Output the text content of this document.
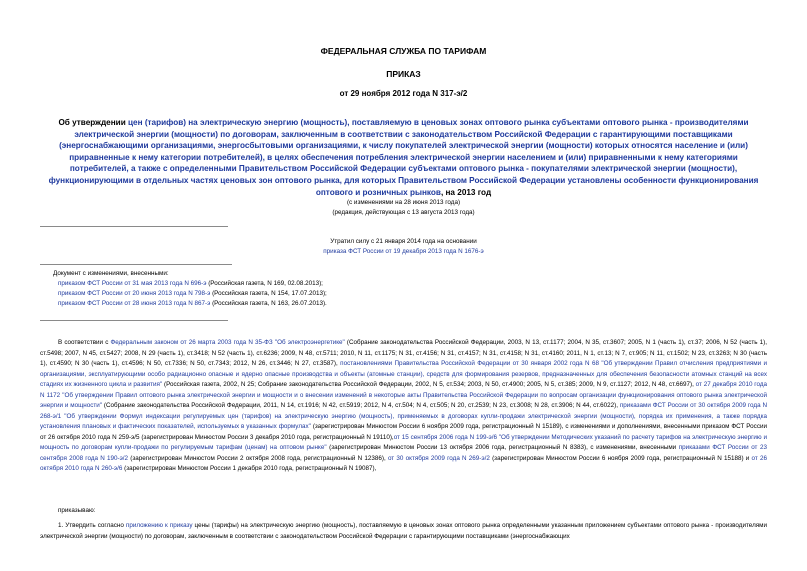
ФЕДЕРАЛЬНАЯ СЛУЖБА ПО ТАРИФАМ
ПРИКАЗ
от 29 ноября 2012 года N 317-э/2
Об утверждении цен (тарифов) на электрическую энергию (мощность), поставляемую в ценовых зонах оптового рынка субъектами оптового рынка - производителями электрической энергии (мощности) по договорам, заключенным в соответствии с законодательством Российской Федерации с гарантирующими поставщиками (энергоснабжающими организациями, энергосбытовыми организациями, к числу покупателей электрической энергии (мощности) которых относятся население и (или) приравненные к нему категории потребителей), в целях обеспечения потребления электрической энергии населением и (или) приравненными к нему категориями потребителей, а также с определенными Правительством Российской Федерации субъектами оптового рынка - покупателями электрической энергии (мощности), функционирующими в отдельных частях ценовых зон оптового рынка, для которых Правительством Российской Федерации установлены особенности функционирования оптового и розничных рынков, на 2013 год
(с изменениями на 28 июня 2013 года)
(редакция, действующая с 13 августа 2013 года)
Утратил силу с 21 января 2014 года на основании
приказа ФСТ России от 19 декабря 2013 года N 1676-э
Документ с изменениями, внесенными:
приказом ФСТ России от 31 мая 2013 года N 696-э (Российская газета, N 169, 02.08.2013);
приказом ФСТ России от 20 июня 2013 года N 798-э (Российская газета, N 154, 17.07.2013);
приказом ФСТ России от 28 июня 2013 года N 867-э (Российская газета, N 163, 26.07.2013).
В соответствии с Федеральным законом от 26 марта 2003 года N 35-ФЗ "Об электроэнергетике" (Собрание законодательства Российской Федерации, 2003, N 13, ст.1177; 2004, N 35, ст.3607; 2005, N 1 (часть 1), ст.37; 2006, N 52 (часть 1), ст.5498; 2007, N 45, ст.5427; 2008, N 29 (часть 1), ст.3418; N 52 (часть 1), ст.6236; 2009, N 48, ст.5711; 2010, N 11, ст.1175; N 31, ст.4156; N 31, ст.4157; N 31, ст.4158; N 31, ст.4160; 2011, N 1, ст.13; N 7, ст.905; N 11, ст.1502; N 23, ст.3263; N 30 (часть 1), ст.4590; N 30 (часть 1), ст.4596; N 50, ст.7336; N 50, ст.7343; 2012, N 26, ст.3446; N 27, ст.3587), постановлениями Правительства Российской Федерации от 30 января 2002 года N 68 "Об утверждении Правил отчисления предприятиями и организациями, эксплуатирующими особо радиационно опасные и ядерно опасные производства и объекты (атомные станции), средств для формирования резервов, предназначенных для обеспечения безопасности атомных станций на всех стадиях их жизненного цикла и развития" (Российская газета, 2002, N 25; Собрание законодательства Российской Федерации, 2002, N 5, ст.534; 2003, N 50, ст.4900; 2005, N 5, ст.385; 2009, N 9, ст.1127; 2012, N 48, ст.6697), от 27 декабря 2010 года N 1172 "Об утверждении Правил оптового рынка электрической энергии и мощности и о внесении изменений в некоторые акты Правительства Российской Федерации по вопросам организации функционирования оптового рынка электрической энергии и мощности" (Собрание законодательства Российской Федерации, 2011, N 14, ст.1916; N 42, ст.5919; 2012, N 4, ст.504; N 4, ст.505; N 20, ст.2539; N 23, ст.3008; N 28, ст.3906; N 44, ст.6022), приказами ФСТ России от 30 октября 2009 года N 268-э/1 "Об утверждении Формул индексации регулируемых цен (тарифов) на электрическую энергию (мощность), применяемых в договорах купли-продажи электрической энергии (мощности), порядка их применения, а также порядка установления плановых и фактических показателей, используемых в указанных формулах" (зарегистрирован Минюстом России 6 ноября 2009 года, регистрационный N 15189), с изменениями и дополнениями, внесенными приказом ФСТ России от 26 октября 2010 года N 259-э/5 (зарегистрирован Минюстом России 3 декабря 2010 года, регистрационный N 19110),от 15 сентября 2006 года N 199-э/6 "Об утверждении Методических указаний по расчету тарифов на электрическую энергию и мощность по договорам купли-продажи по регулируемым тарифам (ценам) на оптовом рынке" (зарегистрирован Минюстом России 13 октября 2006 года, регистрационный N 8383), с изменениями, внесенными приказами ФСТ России от 23 сентября 2008 года N 190-э/2 (зарегистрирован Минюстом России 2 октября 2008 года, регистрационный N 12386), от 30 октября 2009 года N 269-э/2 (зарегистрирован Минюстом России 6 ноября 2009 года, регистрационный N 15188) и от 26 октября 2010 года N 260-э/6 (зарегистрирован Минюстом России 1 декабря 2010 года, регистрационный N 19087),
приказываю:
1. Утвердить согласно приложению к приказу цены (тарифы) на электрическую энергию (мощность), поставляемую в ценовых зонах оптового рынка определенными указанным приложением субъектами оптового рынка - производителями электрической энергии (мощности) по договорам, заключенным в соответствии с законодательством Российской Федерации с гарантирующими поставщиками (энергоснабжающих
